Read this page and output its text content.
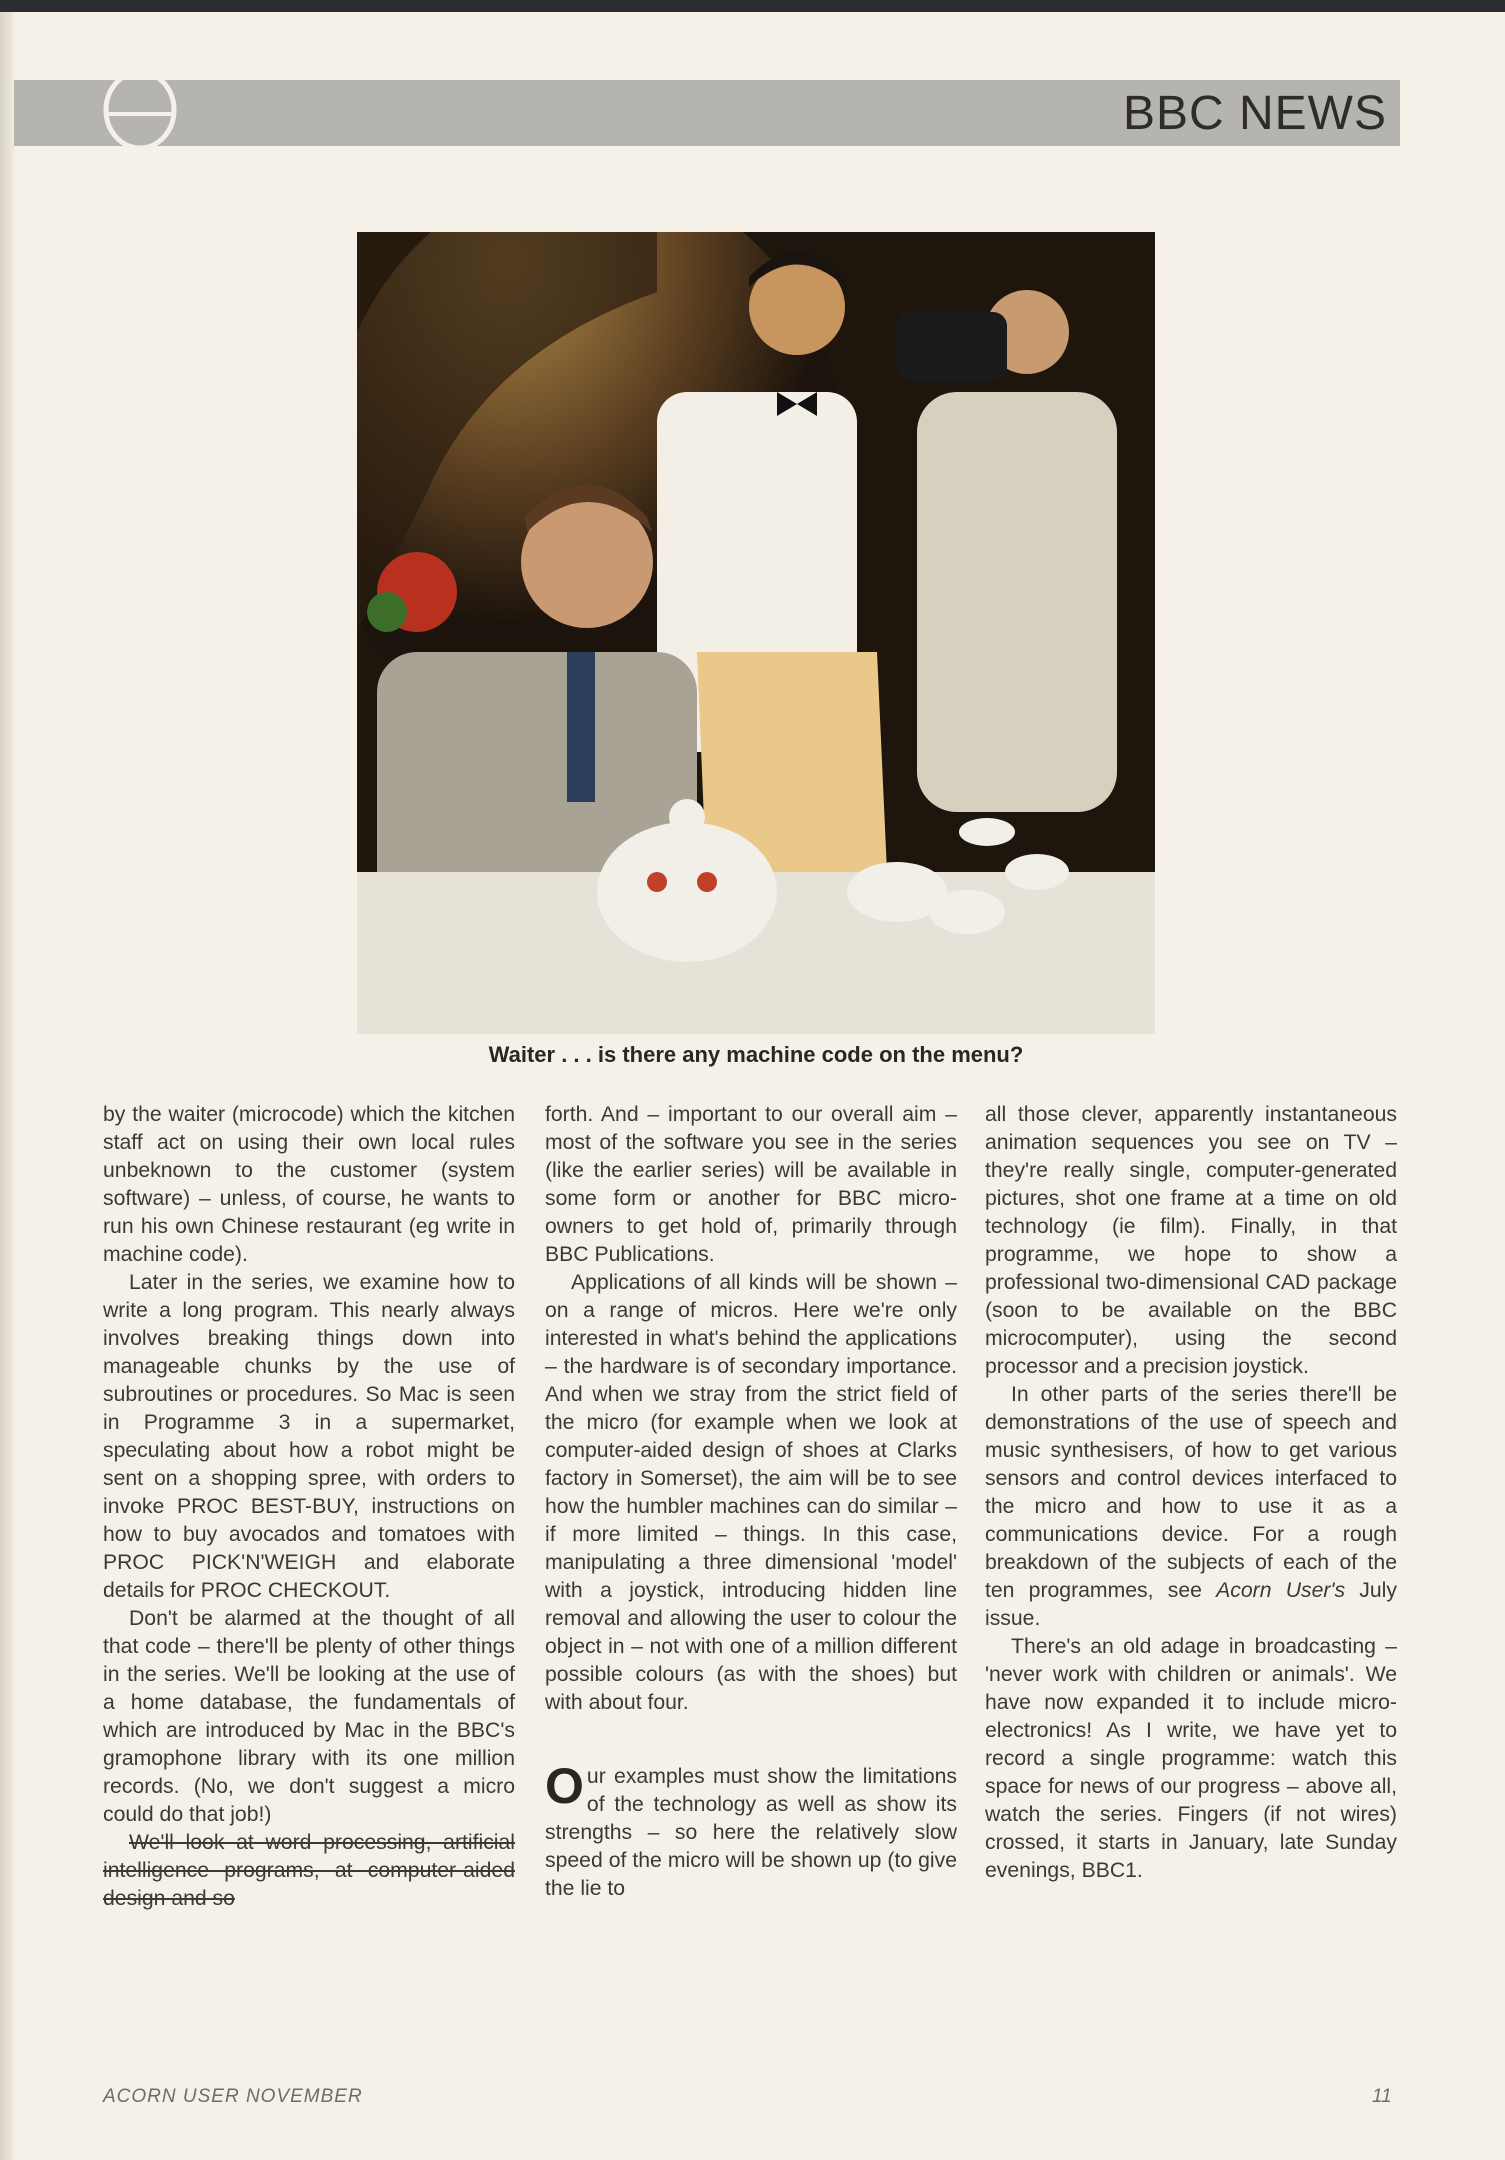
BBC NEWS
Waiter . . . is there any machine code on the menu?

by the waiter (microcode) which the kitchen staff act on using their own local rules unbeknown to the customer (system software) – unless, of course, he wants to run his own Chinese restaurant (eg write in machine code).

Later in the series, we examine how to write a long program. This nearly always involves breaking things down into manageable chunks by the use of subroutines or procedures. So Mac is seen in Programme 3 in a supermarket, speculating about how a robot might be sent on a shopping spree, with orders to invoke PROC BEST-BUY, instructions on how to buy avocados and tomatoes with PROC PICK'N'WEIGH and elaborate details for PROC CHECKOUT.

Don't be alarmed at the thought of all that code – there'll be plenty of other things in the series. We'll be looking at the use of a home database, the fundamentals of which are introduced by Mac in the BBC's gramophone library with its one million records. (No, we don't suggest a micro could do that job!)

We'll look at word processing, artificial intelligence programs, at computer-aided design and so

forth. And – important to our overall aim – most of the software you see in the series (like the earlier series) will be available in some form or another for BBC micro-owners to get hold of, primarily through BBC Publications.

Applications of all kinds will be shown – on a range of micros. Here we're only interested in what's behind the applications – the hardware is of secondary importance. And when we stray from the strict field of the micro (for example when we look at computer-aided design of shoes at Clarks factory in Somerset), the aim will be to see how the humbler machines can do similar – if more limited – things. In this case, manipulating a three dimensional 'model' with a joystick, introducing hidden line removal and allowing the user to colour the object in – not with one of a million different possible colours (as with the shoes) but with about four.

Our examples must show the limitations of the technology as well as show its strengths – so here the relatively slow speed of the micro will be shown up (to give the lie to

all those clever, apparently instantaneous animation sequences you see on TV – they're really single, computer-generated pictures, shot one frame at a time on old technology (ie film). Finally, in that programme, we hope to show a professional two-dimensional CAD package (soon to be available on the BBC microcomputer), using the second processor and a precision joystick.

In other parts of the series there'll be demonstrations of the use of speech and music synthesisers, of how to get various sensors and control devices interfaced to the micro and how to use it as a communications device. For a rough breakdown of the subjects of each of the ten programmes, see Acorn User's July issue.

There's an old adage in broadcasting – 'never work with children or animals'. We have now expanded it to include micro-electronics! As I write, we have yet to record a single programme: watch this space for news of our progress – above all, watch the series. Fingers (if not wires) crossed, it starts in January, late Sunday evenings, BBC1.

ACORN USER NOVEMBER	11
